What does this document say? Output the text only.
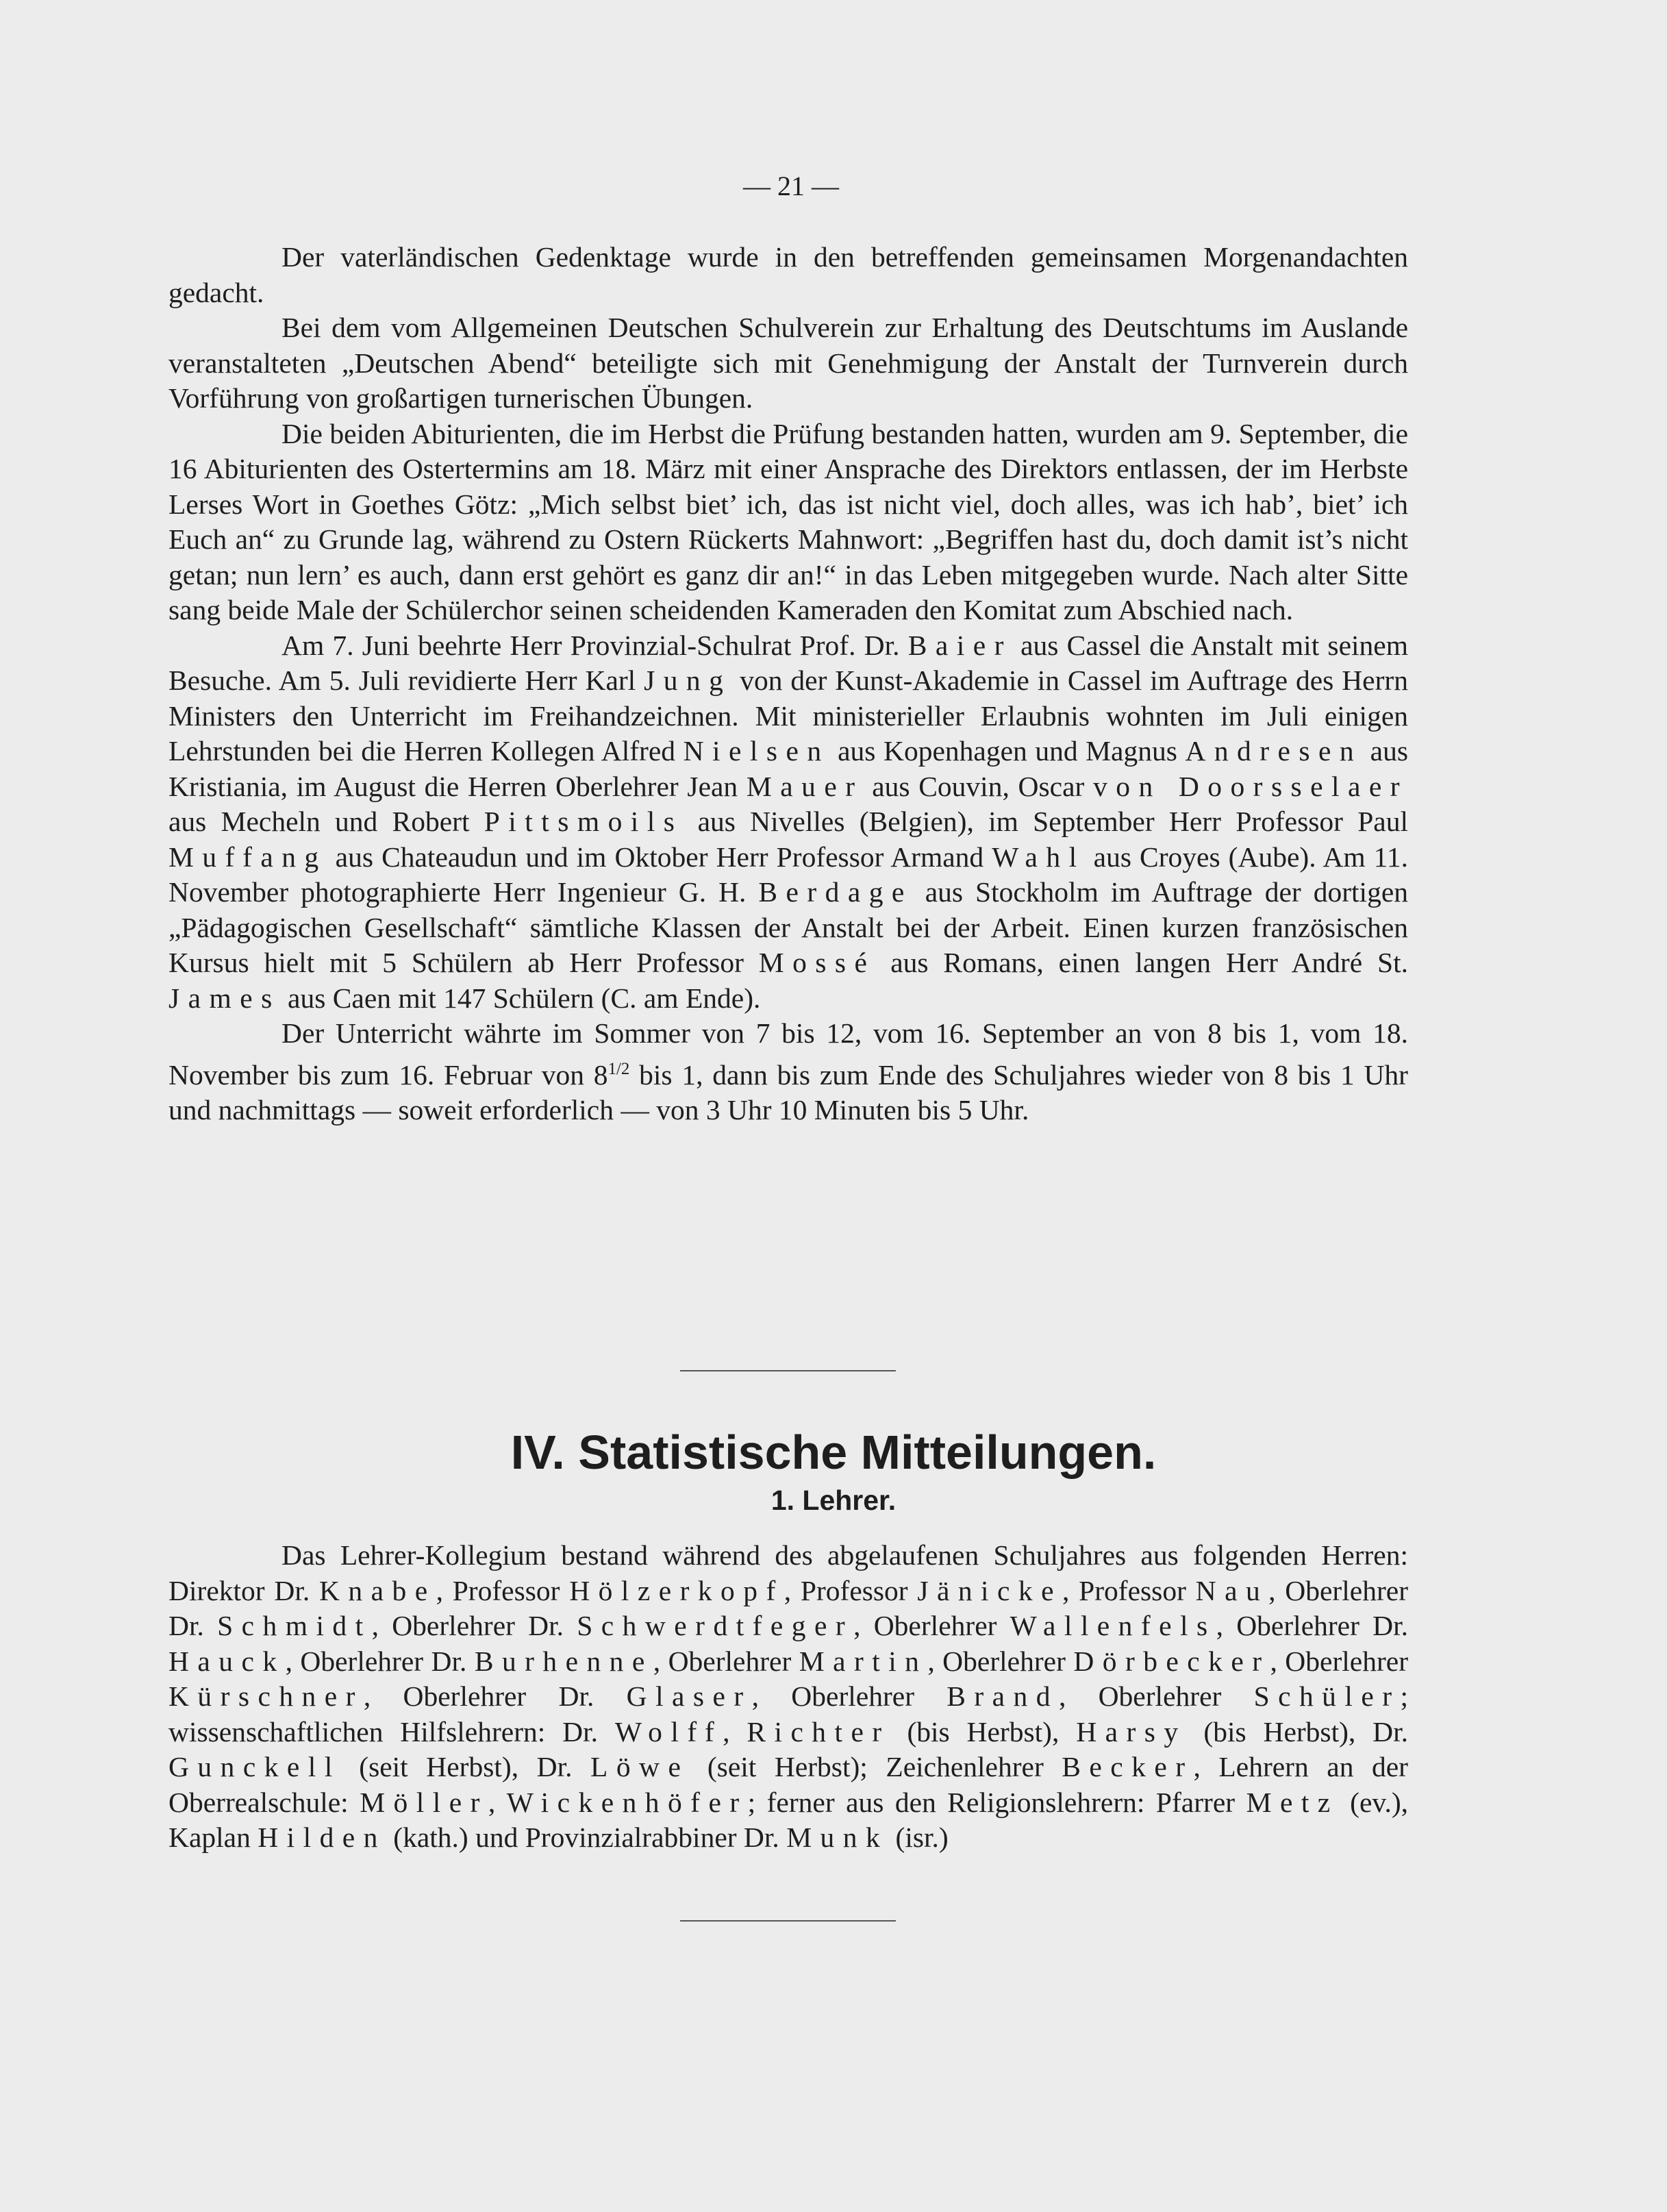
— 21 —

Der vaterländischen Gedenktage wurde in den betreffenden gemeinsamen Morgenandachten gedacht.

Bei dem vom Allgemeinen Deutschen Schulverein zur Erhaltung des Deutschtums im Auslande veranstalteten „Deutschen Abend“ beteiligte sich mit Genehmigung der Anstalt der Turnverein durch Vorführung von großartigen turnerischen Übungen.

Die beiden Abiturienten, die im Herbst die Prüfung bestanden hatten, wurden am 9. September, die 16 Abiturienten des Ostertermins am 18. März mit einer Ansprache des Direktors entlassen, der im Herbste Lerses Wort in Goethes Götz: „Mich selbst biet’ ich, das ist nicht viel, doch alles, was ich hab’, biet’ ich Euch an“ zu Grunde lag, während zu Ostern Rückerts Mahnwort: „Begriffen hast du, doch damit ist’s nicht getan; nun lern’ es auch, dann erst gehört es ganz dir an!“ in das Leben mitgegeben wurde. Nach alter Sitte sang beide Male der Schülerchor seinen scheidenden Kameraden den Komitat zum Abschied nach.

Am 7. Juni beehrte Herr Provinzial-Schulrat Prof. Dr. Baier aus Cassel die Anstalt mit seinem Besuche. Am 5. Juli revidierte Herr Karl Jung von der Kunst-Akademie in Cassel im Auftrage des Herrn Ministers den Unterricht im Freihandzeichnen. Mit ministerieller Erlaubnis wohnten im Juli einigen Lehrstunden bei die Herren Kollegen Alfred Nielsen aus Kopenhagen und Magnus Andresen aus Kristiania, im August die Herren Oberlehrer Jean Mauer aus Couvin, Oscar von Doorsselaer aus Mecheln und Robert Pittsmoils aus Nivelles (Belgien), im September Herr Professor Paul Muffang aus Chateaudun und im Oktober Herr Professor Armand Wahl aus Croyes (Aube). Am 11. November photographierte Herr Ingenieur G. H. Berdage aus Stockholm im Auftrage der dortigen „Pädagogischen Gesellschaft“ sämtliche Klassen der Anstalt bei der Arbeit. Einen kurzen französischen Kursus hielt mit 5 Schülern ab Herr Professor Mossé aus Romans, einen langen Herr André St. James aus Caen mit 147 Schülern (C. am Ende).

Der Unterricht währte im Sommer von 7 bis 12, vom 16. September an von 8 bis 1, vom 18. November bis zum 16. Februar von $8^{1/2}$ bis 1, dann bis zum Ende des Schuljahres wieder von 8 bis 1 Uhr und nachmittags — soweit erforderlich — von 3 Uhr 10 Minuten bis 5 Uhr.

IV. Statistische Mitteilungen.
1. Lehrer.

Das Lehrer-Kollegium bestand während des abgelaufenen Schuljahres aus folgenden Herren: Direktor Dr. Knabe, Professor Hölzerkopf, Professor Jänicke, Professor Nau, Oberlehrer Dr. Schmidt, Oberlehrer Dr. Schwerdtfeger, Oberlehrer Wallenfels, Oberlehrer Dr. Hauck, Oberlehrer Dr. Burhenne, Oberlehrer Martin, Oberlehrer Dörbecker, Oberlehrer Kürschner, Oberlehrer Dr. Glaser, Oberlehrer Brand, Oberlehrer Schüler; wissenschaftlichen Hilfslehrern: Dr. Wolff, Richter (bis Herbst), Harsy (bis Herbst), Dr. Gunckell (seit Herbst), Dr. Löwe (seit Herbst); Zeichenlehrer Becker, Lehrern an der Oberrealschule: Möller, Wickenhöfer; ferner aus den Religionslehrern: Pfarrer Metz (ev.), Kaplan Hilden (kath.) und Provinzialrabbiner Dr. Munk (isr.)
